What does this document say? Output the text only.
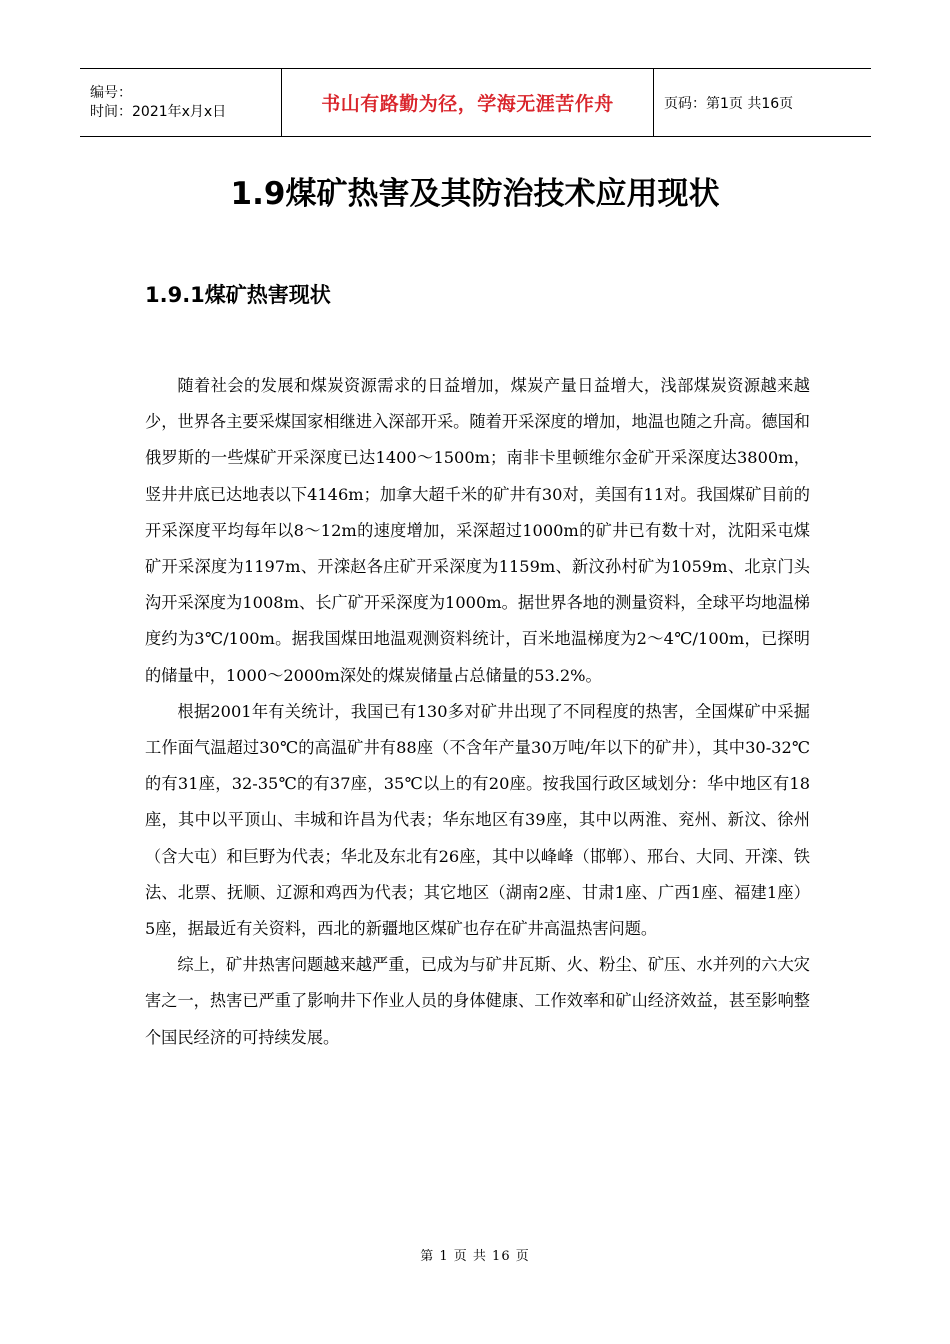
编号：
时间：2021年x月x日	书山有路勤为径，学海无涯苦作舟	页码：第1页 共16页
1.9煤矿热害及其防治技术应用现状
1.9.1煤矿热害现状

随着社会的发展和煤炭资源需求的日益增加，煤炭产量日益增大，浅部煤炭资源越来越少，世界各主要采煤国家相继进入深部开采。随着开采深度的增加，地温也随之升高。德国和俄罗斯的一些煤矿开采深度已达1400～1500m；南非卡里顿维尔金矿开采深度达3800m，竖井井底已达地表以下4146m；加拿大超千米的矿井有30对，美国有11对。我国煤矿目前的开采深度平均每年以8～12m的速度增加，采深超过1000m的矿井已有数十对，沈阳采屯煤矿开采深度为1197m、开滦赵各庄矿开采深度为1159m、新汶孙村矿为1059m、北京门头沟开采深度为1008m、长广矿开采深度为1000m。据世界各地的测量资料，全球平均地温梯度约为3℃/100m。据我国煤田地温观测资料统计，百米地温梯度为2～4℃/100m，已探明的储量中，1000～2000m深处的煤炭储量占总储量的53.2%。

根据2001年有关统计，我国已有130多对矿井出现了不同程度的热害，全国煤矿中采掘工作面气温超过30℃的高温矿井有88座（不含年产量30万吨/年以下的矿井），其中30-32℃的有31座，32-35℃的有37座，35℃以上的有20座。按我国行政区域划分：华中地区有18座，其中以平顶山、丰城和许昌为代表；华东地区有39座，其中以两淮、兖州、新汶、徐州（含大屯）和巨野为代表；华北及东北有26座，其中以峰峰（邯郸）、邢台、大同、开滦、铁法、北票、抚顺、辽源和鸡西为代表；其它地区（湖南2座、甘肃1座、广西1座、福建1座）5座，据最近有关资料，西北的新疆地区煤矿也存在矿井高温热害问题。

综上，矿井热害问题越来越严重，已成为与矿井瓦斯、火、粉尘、矿压、水并列的六大灾害之一，热害已严重了影响井下作业人员的身体健康、工作效率和矿山经济效益，甚至影响整个国民经济的可持续发展。

第 1 页 共 16 页
